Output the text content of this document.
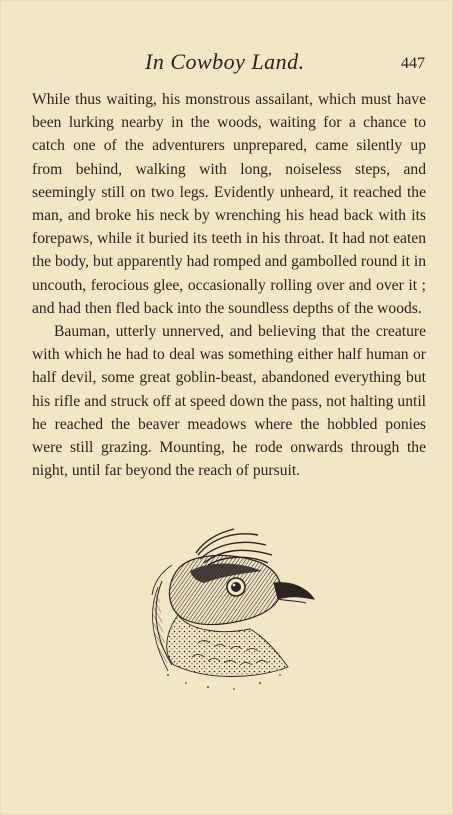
In Cowboy Land.	447

While thus waiting, his monstrous assailant, which must have been lurking nearby in the woods, waiting for a chance to catch one of the adventurers unprepared, came silently up from behind, walking with long, noiseless steps, and seemingly still on two legs. Evidently unheard, it reached the man, and broke his neck by wrenching his head back with its forepaws, while it buried its teeth in his throat. It had not eaten the body, but apparently had romped and gambolled round it in uncouth, ferocious glee, occasionally rolling over and over it ; and had then fled back into the soundless depths of the woods.

Bauman, utterly unnerved, and believing that the creature with which he had to deal was something either half human or half devil, some great goblin-beast, abandoned everything but his rifle and struck off at speed down the pass, not halting until he reached the beaver meadows where the hobbled ponies were still grazing. Mounting, he rode onwards through the night, until far beyond the reach of pursuit.
